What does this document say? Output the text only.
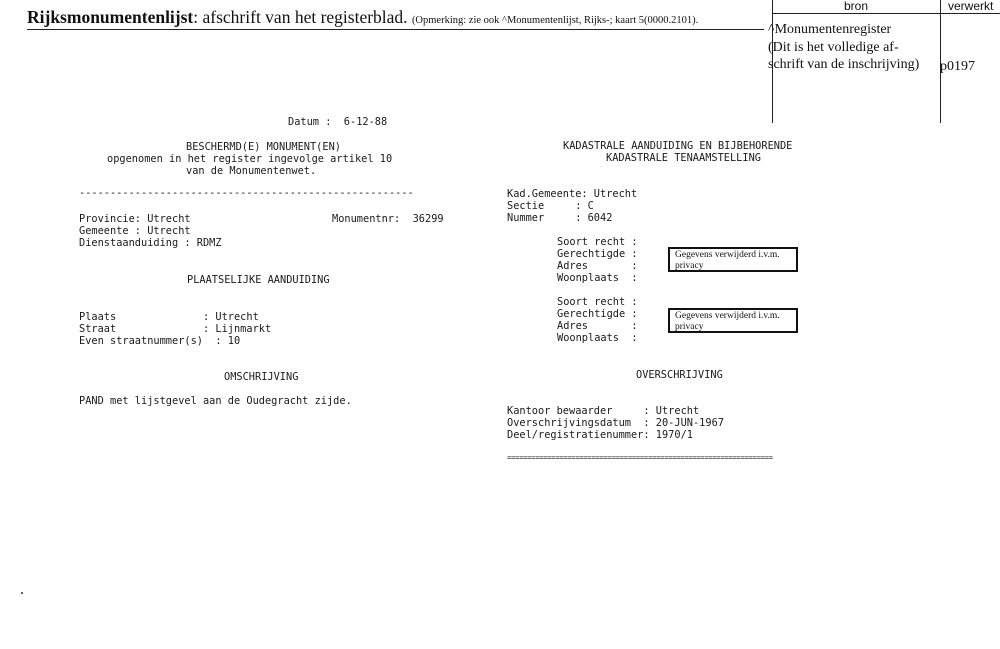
Rijksmonumentenlijst: afschrift van het registerblad. (Opmerking: zie ook ^Monumentenlijst, Rijks-; kaart 5(0000.2101).
bron	verwerkt
^Monumentenregister
(Dit is het volledige af-
schrift van de inschrijving) p0197
Datum :  6-12-88
BESCHERMD(E) MONUMENT(EN)
opgenomen in het register ingevolge artikel 10
van de Monumentenwet.
------------------------------------------------------
Provincie: Utrecht	Monumentnr:  36299
Gemeente : Utrecht
Dienstaanduiding : RDMZ
PLAATSELIJKE AANDUIDING
Plaats              : Utrecht
Straat              : Lijnmarkt
Even straatnummer(s)  : 10
OMSCHRIJVING
PAND met lijstgevel aan de Oudegracht zijde.
KADASTRALE AANDUIDING EN BIJBEHORENDE
KADASTRALE TENAAMSTELLING
Kad.Gemeente: Utrecht
Sectie     : C
Nummer     : 6042
Soort recht :
Gerechtigde :
Adres       :
Woonplaats  :
Gegevens verwijderd i.v.m.
privacy
Soort recht :
Gerechtigde :
Adres       :
Woonplaats  :
Gegevens verwijderd i.v.m.
privacy
OVERSCHRIJVING
Kantoor bewaarder     : Utrecht
Overschrijvingsdatum  : 20-JUN-1967
Deel/registratienummer: 1970/1
==================================================================
